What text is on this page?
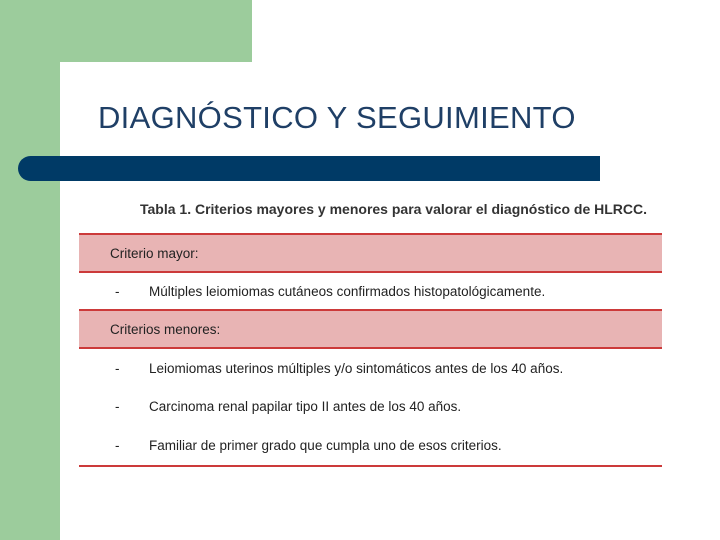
DIAGNÓSTICO Y SEGUIMIENTO

Tabla 1. Criterios mayores y menores para valorar el diagnóstico de HLRCC.

Criterio mayor:
- Múltiples leiomiomas cutáneos confirmados histopatológicamente.
Criterios menores:
- Leiomiomas uterinos múltiples y/o sintomáticos antes de los 40 años.
- Carcinoma renal papilar tipo II antes de los 40 años.
- Familiar de primer grado que cumpla uno de esos criterios.
